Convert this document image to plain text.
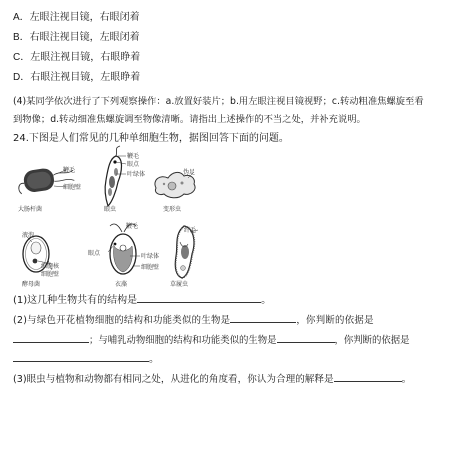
A．左眼注视目镜，右眼闭着
B．右眼注视目镜，左眼闭着
C．左眼注视目镜，右眼睁着
D．右眼注视目镜，左眼睁着
(4)某同学依次进行了下列观察操作：a.放置好装片；b.用左眼注视目镜视野；c.转动粗准焦螺旋至看
到物像；d.转动细准焦螺旋调至物像清晰。请指出上述操作的不当之处，并补充说明。
24.下图是人们常见的几种单细胞生物，据图回答下面的问题。
鞭毛
细胞壁
大肠杆菌
鞭毛
眼点
叶绿体
眼虫
伪足
变形虫
液泡
细胞核
细胞壁
酵母菌
鞭毛
眼点	叶绿体
细胞壁
衣藻
纤毛
草履虫
(1)这几种生物共有的结构是	。
(2)与绿色开花植物细胞的结构和功能类似的生物是	，你判断的依据是
；与哺乳动物细胞的结构和功能类似的生物是	，你判断的依据是
。
(3)眼虫与植物和动物都有相同之处，从进化的角度看，你认为合理的解释是	。
